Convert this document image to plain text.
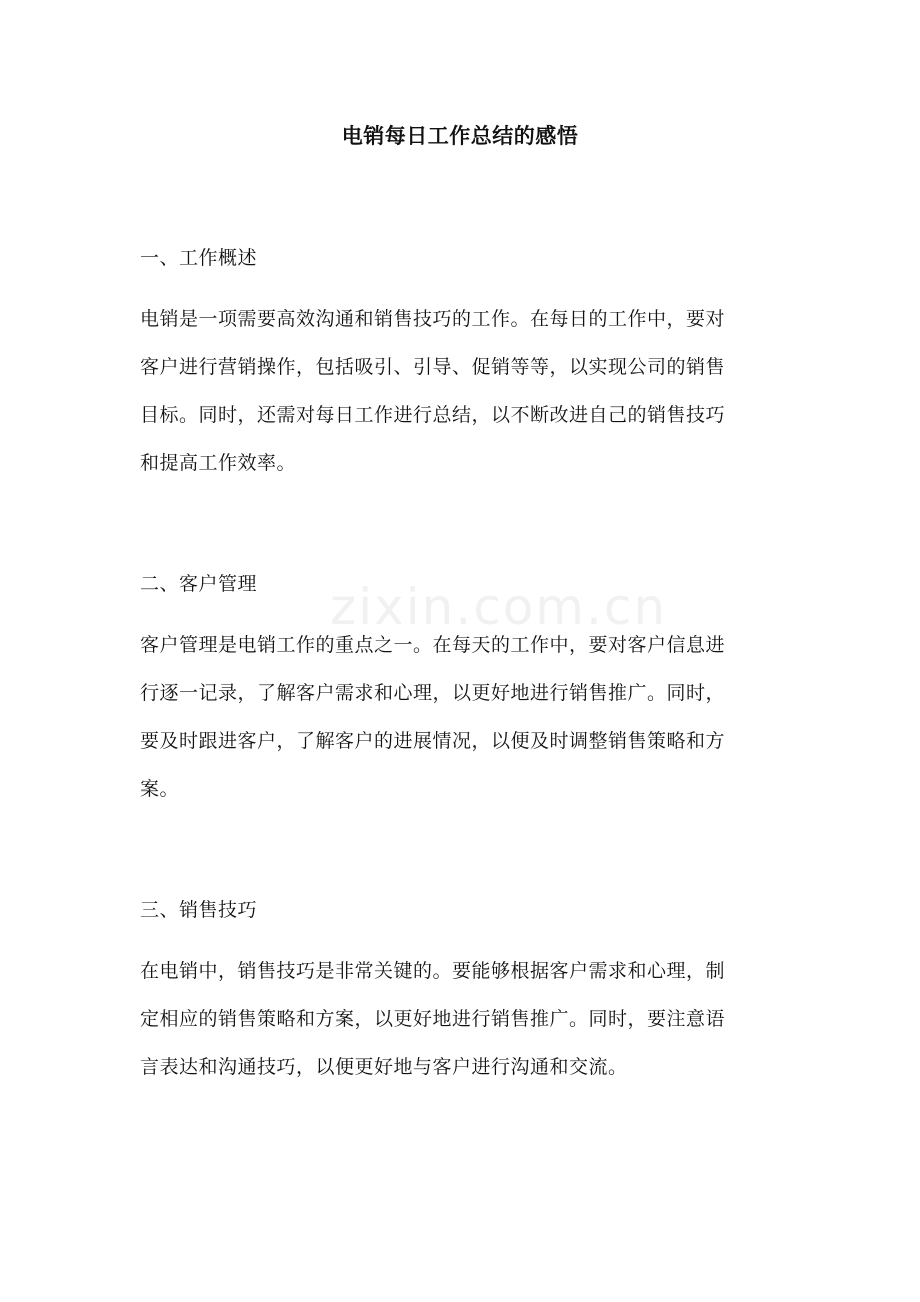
zixin.com.cn
电销每日工作总结的感悟
一、工作概述
电销是一项需要高效沟通和销售技巧的工作。在每日的工作中，要对
客户进行营销操作，包括吸引、引导、促销等等，以实现公司的销售
目标。同时，还需对每日工作进行总结，以不断改进自己的销售技巧
和提高工作效率。
二、客户管理
客户管理是电销工作的重点之一。在每天的工作中，要对客户信息进
行逐一记录，了解客户需求和心理，以更好地进行销售推广。同时，
要及时跟进客户，了解客户的进展情况，以便及时调整销售策略和方
案。
三、销售技巧
在电销中，销售技巧是非常关键的。要能够根据客户需求和心理，制
定相应的销售策略和方案，以更好地进行销售推广。同时，要注意语
言表达和沟通技巧，以便更好地与客户进行沟通和交流。
